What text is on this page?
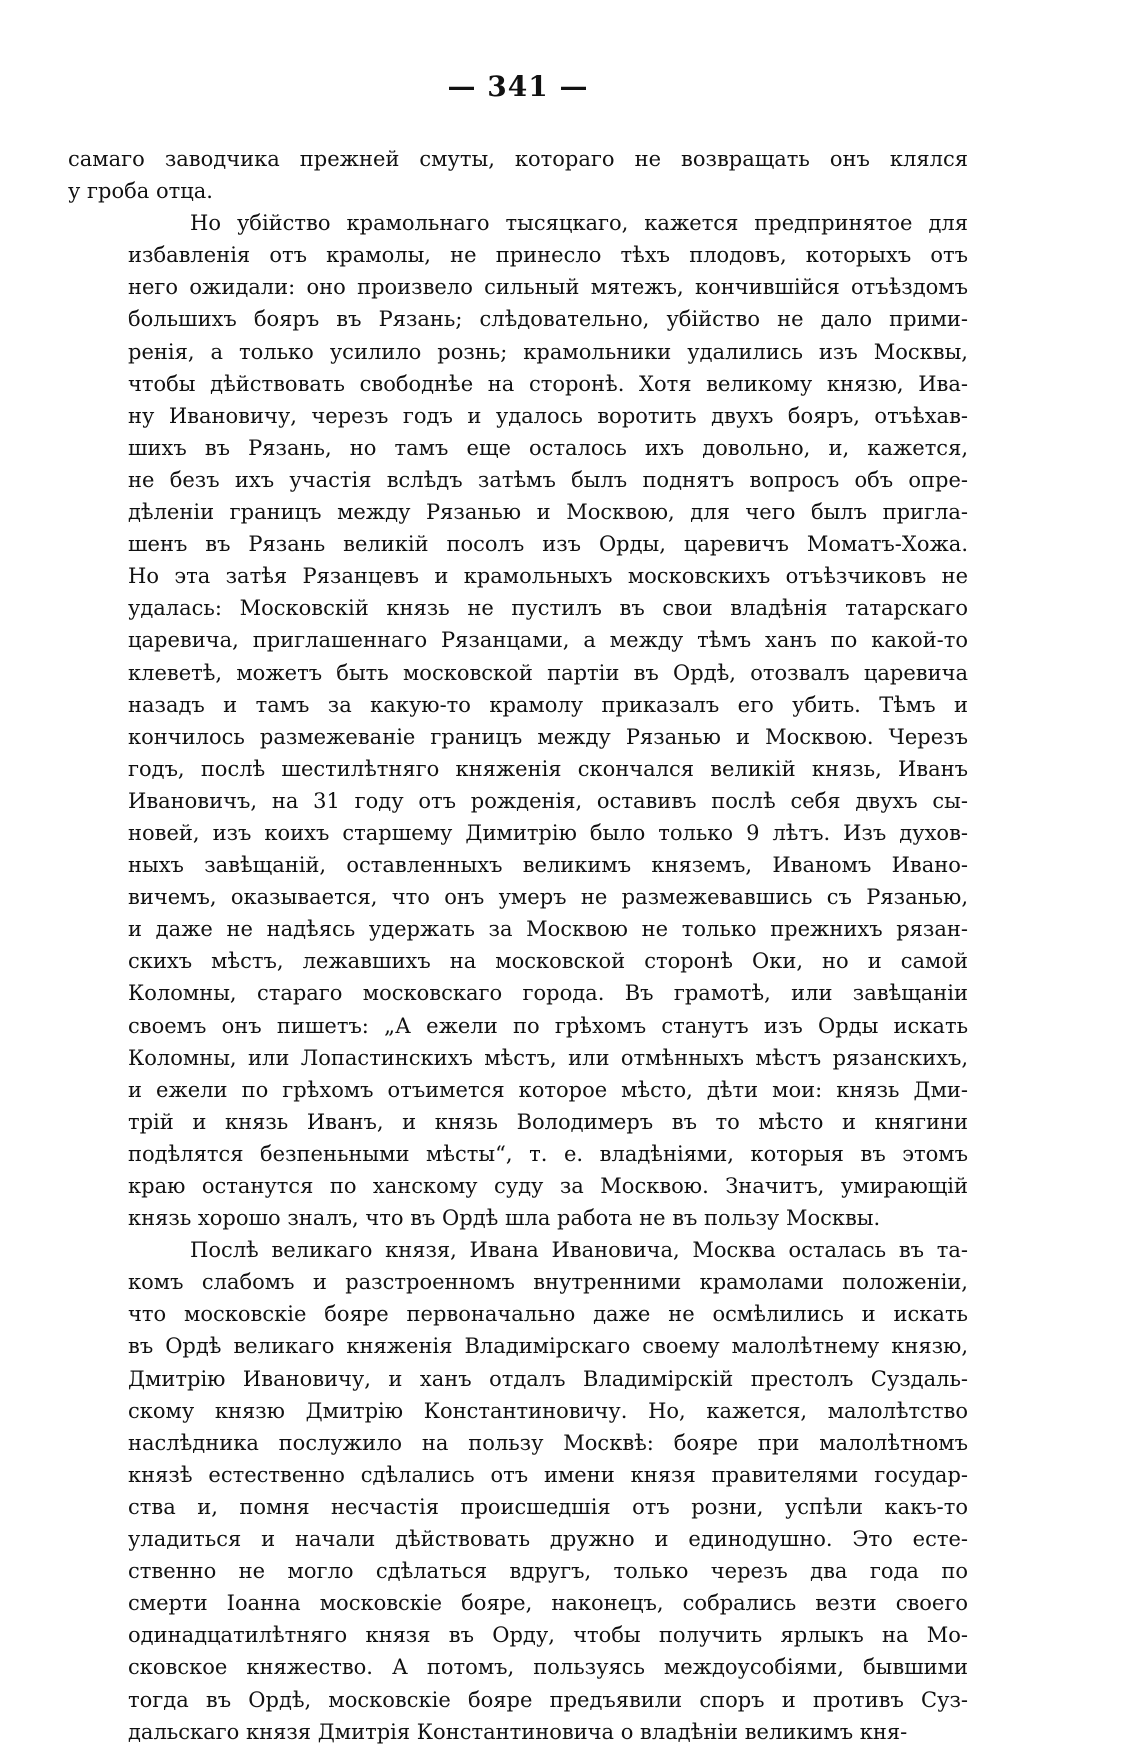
— 341 —

самаго заводчика прежней смуты, котораго не возвращать онъ клялся
у гроба отца.

Но убійство крамольнаго тысяцкаго, кажется предпринятое для
избавленія отъ крамолы, не принесло тѣхъ плодовъ, которыхъ отъ
него ожидали: оно произвело сильный мятежъ, кончившійся отъѣздомъ
большихъ бояръ въ Рязань; слѣдовательно, убійство не дало прими-
ренія, а только усилило рознь; крамольники удалились изъ Москвы,
чтобы дѣйствовать свободнѣе на сторонѣ. Хотя великому князю, Ива-
ну Ивановичу, черезъ годъ и удалось воротить двухъ бояръ, отъѣхав-
шихъ въ Рязань, но тамъ еще осталось ихъ довольно, и, кажется,
не безъ ихъ участія вслѣдъ затѣмъ былъ поднятъ вопросъ объ опре-
дѣленіи границъ между Рязанью и Москвою, для чего былъ пригла-
шенъ въ Рязань великій посолъ изъ Орды, царевичъ Моматъ-Хожа.
Но эта затѣя Рязанцевъ и крамольныхъ московскихъ отъѣзчиковъ не
удалась: Московскій князь не пустилъ въ свои владѣнія татарскаго
царевича, приглашеннаго Рязанцами, а между тѣмъ ханъ по какой-то
клеветѣ, можетъ быть московской партіи въ Ордѣ, отозвалъ царевича
назадъ и тамъ за какую-то крамолу приказалъ его убить. Тѣмъ и
кончилось размежеваніе границъ между Рязанью и Москвою. Черезъ
годъ, послѣ шестилѣтняго княженія скончался великій князь, Иванъ
Ивановичъ, на 31 году отъ рожденія, оставивъ послѣ себя двухъ сы-
новей, изъ коихъ старшему Димитрію было только 9 лѣтъ. Изъ духов-
ныхъ завѣщаній, оставленныхъ великимъ княземъ, Иваномъ Ивано-
вичемъ, оказывается, что онъ умеръ не размежевавшись съ Рязанью,
и даже не надѣясь удержать за Москвою не только прежнихъ рязан-
скихъ мѣстъ, лежавшихъ на московской сторонѣ Оки, но и самой
Коломны, стараго московскаго города. Въ грамотѣ, или завѣщаніи
своемъ онъ пишетъ: „А ежели по грѣхомъ станутъ изъ Орды искать
Коломны, или Лопастинскихъ мѣстъ, или отмѣнныхъ мѣстъ рязанскихъ,
и ежели по грѣхомъ отъимется которое мѣсто, дѣти мои: князь Дми-
трій и князь Иванъ, и князь Володимеръ въ то мѣсто и княгини
подѣлятся безпеньными мѣсты“, т. е. владѣніями, которыя въ этомъ
краю останутся по ханскому суду за Москвою. Значитъ, умирающій
князь хорошо зналъ, что въ Ордѣ шла работа не въ пользу Москвы.

Послѣ великаго князя, Ивана Ивановича, Москва осталась въ та-
комъ слабомъ и разстроенномъ внутренними крамолами положеніи,
что московскіе бояре первоначально даже не осмѣлились и искать
въ Ордѣ великаго княженія Владимірскаго своему малолѣтнему князю,
Дмитрію Ивановичу, и ханъ отдалъ Владимірскій престолъ Суздаль-
скому князю Дмитрію Константиновичу. Но, кажется, малолѣтство
наслѣдника послужило на пользу Москвѣ: бояре при малолѣтномъ
князѣ естественно сдѣлались отъ имени князя правителями государ-
ства и, помня несчастія происшедшія отъ розни, успѣли какъ-то
уладиться и начали дѣйствовать дружно и единодушно. Это есте-
ственно не могло сдѣлаться вдругъ, только черезъ два года по
смерти Іоанна московскіе бояре, наконецъ, собрались везти своего
одинадцатилѣтняго князя въ Орду, чтобы получить ярлыкъ на Мо-
сковское княжество. А потомъ, пользуясь междоусобіями, бывшими
тогда въ Ордѣ, московскіе бояре предъявили споръ и противъ Суз-
дальскаго князя Дмитрія Константиновича о владѣніи великимъ кня-
